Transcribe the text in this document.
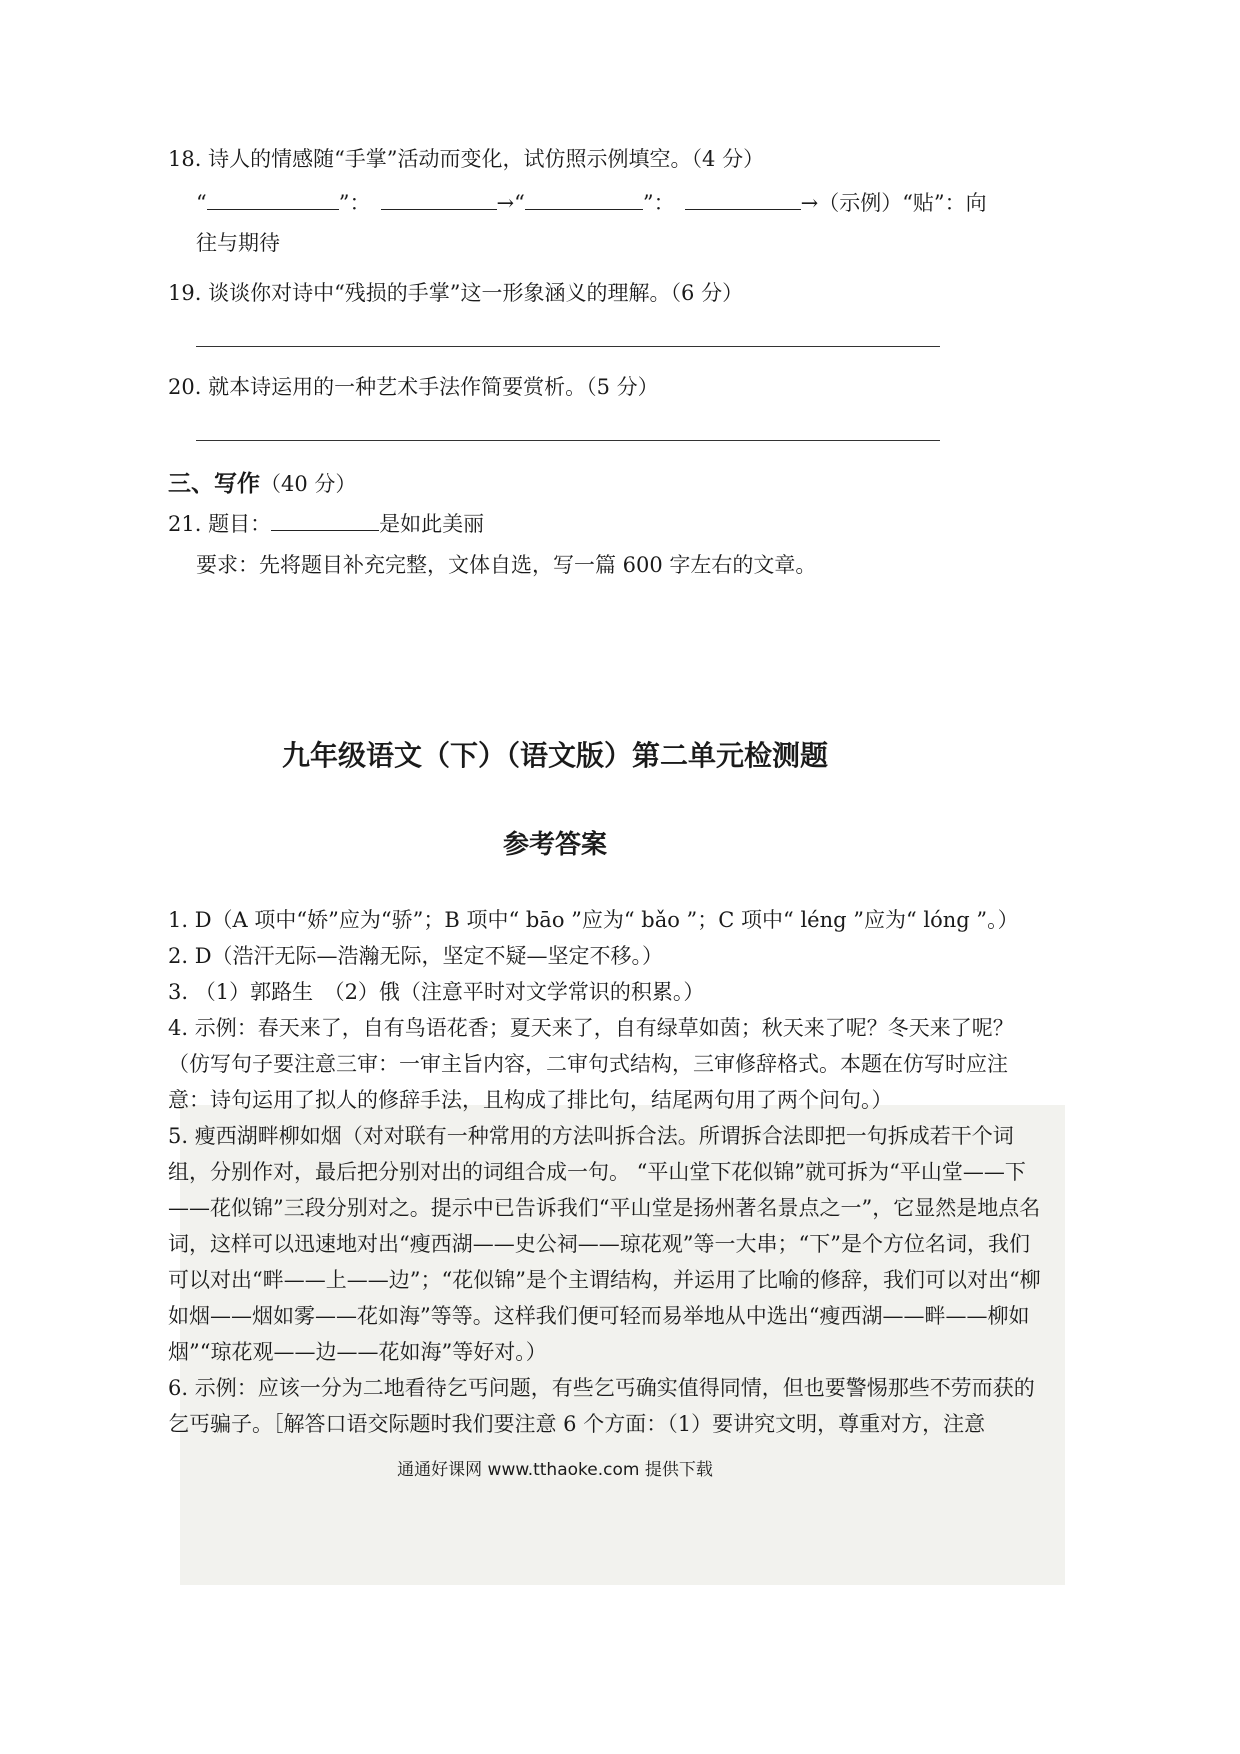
18. 诗人的情感随“手掌”活动而变化，试仿照示例填空。（4 分）
“	”：	→“	”：	→（示例）“贴”：向
往与期待
19. 谈谈你对诗中“残损的手掌”这一形象涵义的理解。（6 分）
20. 就本诗运用的一种艺术手法作简要赏析。（5 分）
三、写作（40 分）
21. 题目：	是如此美丽
要求：先将题目补充完整，文体自选，写一篇 600 字左右的文章。
九年级语文（下）（语文版）第二单元检测题
参考答案
1. D（A 项中“娇”应为“骄”；B 项中“ bāo ”应为“ bǎo ”；C 项中“ léng ”应为“ lóng ”。）
2. D（浩汗无际—浩瀚无际，坚定不疑—坚定不移。）
3. （1）郭路生　（2）俄（注意平时对文学常识的积累。）
4. 示例：春天来了，自有鸟语花香；夏天来了，自有绿草如茵；秋天来了呢？冬天来了呢？（仿写句子要注意三审：一审主旨内容，二审句式结构，三审修辞格式。本题在仿写时应注意：诗句运用了拟人的修辞手法，且构成了排比句，结尾两句用了两个问句。）
5. 瘦西湖畔柳如烟（对对联有一种常用的方法叫拆合法。所谓拆合法即把一句拆成若干个词组，分别作对，最后把分别对出的词组合成一句。 “平山堂下花似锦”就可拆为“平山堂——下——花似锦”三段分别对之。提示中已告诉我们“平山堂是扬州著名景点之一”，它显然是地点名词，这样可以迅速地对出“瘦西湖——史公祠——琼花观”等一大串；“下”是个方位名词，我们可以对出“畔——上——边”；“花似锦”是个主谓结构，并运用了比喻的修辞，我们可以对出“柳如烟——烟如雾——花如海”等等。这样我们便可轻而易举地从中选出“瘦西湖——畔——柳如烟”“琼花观——边——花如海”等好对。）
6. 示例：应该一分为二地看待乞丐问题，有些乞丐确实值得同情，但也要警惕那些不劳而获的乞丐骗子。［解答口语交际题时我们要注意 6 个方面：（1）要讲究文明，尊重对方，注意
通通好课网 www.tthaoke.com 提供下载
